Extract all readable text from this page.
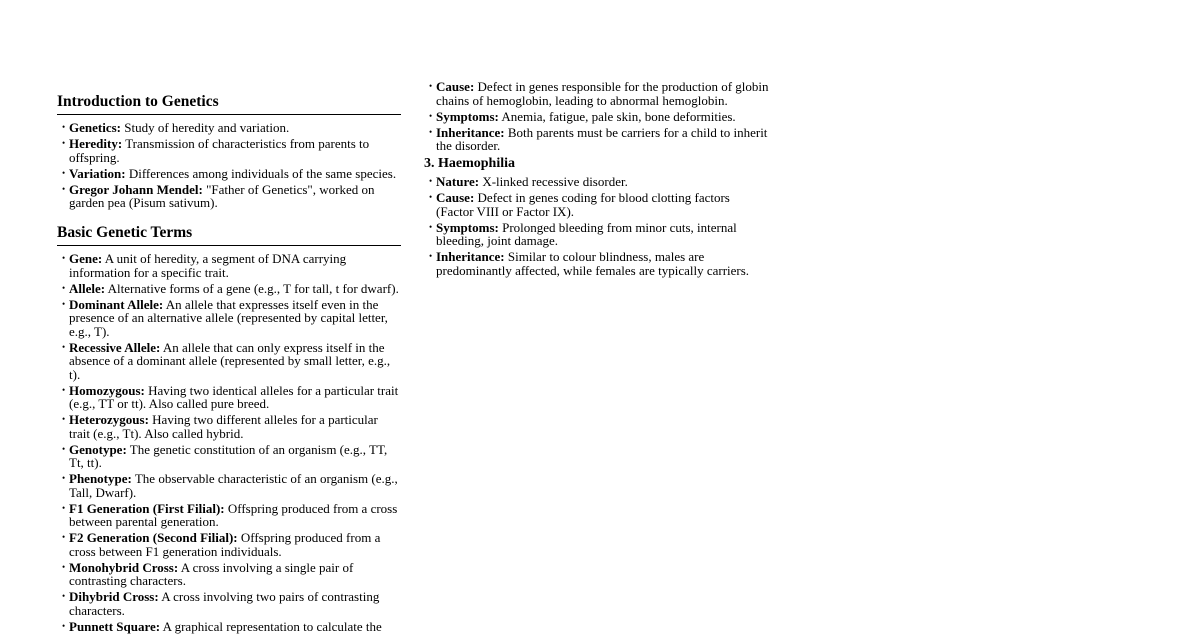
Introduction to Genetics
• Genetics: Study of heredity and variation.
• Heredity: Transmission of characteristics from parents to offspring.
• Variation: Differences among individuals of the same species.
• Gregor Johann Mendel: "Father of Genetics", worked on garden pea (Pisum sativum).
Basic Genetic Terms
• Gene: A unit of heredity, a segment of DNA carrying information for a specific trait.
• Allele: Alternative forms of a gene (e.g., T for tall, t for dwarf).
• Dominant Allele: An allele that expresses itself even in the presence of an alternative allele (represented by capital letter, e.g., T).
• Recessive Allele: An allele that can only express itself in the absence of a dominant allele (represented by small letter, e.g., t).
• Homozygous: Having two identical alleles for a particular trait (e.g., TT or tt). Also called pure breed.
• Heterozygous: Having two different alleles for a particular trait (e.g., Tt). Also called hybrid.
• Genotype: The genetic constitution of an organism (e.g., TT, Tt, tt).
• Phenotype: The observable characteristic of an organism (e.g., Tall, Dwarf).
• F1 Generation (First Filial): Offspring produced from a cross between parental generation.
• F2 Generation (Second Filial): Offspring produced from a cross between F1 generation individuals.
• Monohybrid Cross: A cross involving a single pair of contrasting characters.
• Dihybrid Cross: A cross involving two pairs of contrasting characters.
• Punnett Square: A graphical representation to calculate the
• Cause: Defect in genes responsible for the production of globin chains of hemoglobin, leading to abnormal hemoglobin.
• Symptoms: Anemia, fatigue, pale skin, bone deformities.
• Inheritance: Both parents must be carriers for a child to inherit the disorder.
3. Haemophilia
• Nature: X-linked recessive disorder.
• Cause: Defect in genes coding for blood clotting factors (Factor VIII or Factor IX).
• Symptoms: Prolonged bleeding from minor cuts, internal bleeding, joint damage.
• Inheritance: Similar to colour blindness, males are predominantly affected, while females are typically carriers.
